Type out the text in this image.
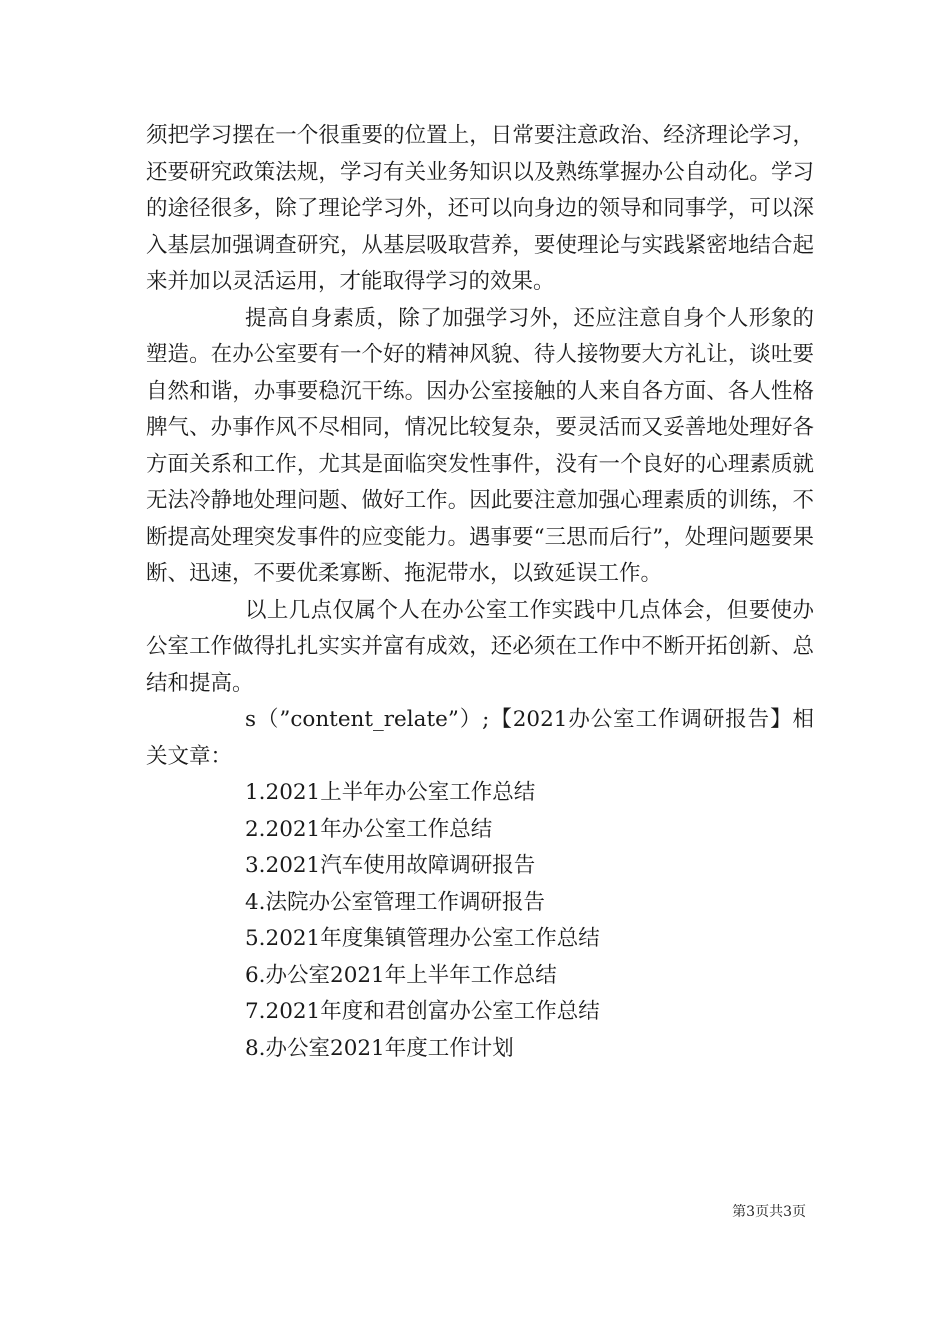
须把学习摆在一个很重要的位置上，日常要注意政治、经济理论学习，还要研究政策法规，学习有关业务知识以及熟练掌握办公自动化。学习的途径很多，除了理论学习外，还可以向身边的领导和同事学，可以深入基层加强调查研究，从基层吸取营养，要使理论与实践紧密地结合起来并加以灵活运用，才能取得学习的效果。

提高自身素质，除了加强学习外，还应注意自身个人形象的塑造。在办公室要有一个好的精神风貌、待人接物要大方礼让，谈吐要自然和谐，办事要稳沉干练。因办公室接触的人来自各方面、各人性格脾气、办事作风不尽相同，情况比较复杂，要灵活而又妥善地处理好各方面关系和工作，尤其是面临突发性事件，没有一个良好的心理素质就无法冷静地处理问题、做好工作。因此要注意加强心理素质的训练，不断提高处理突发事件的应变能力。遇事要“三思而后行”，处理问题要果断、迅速，不要优柔寡断、拖泥带水，以致延误工作。

以上几点仅属个人在办公室工作实践中几点体会，但要使办公室工作做得扎扎实实并富有成效，还必须在工作中不断开拓创新、总结和提高。

s（”content_relate”）;【2021办公室工作调研报告】相关文章：

1.2021上半年办公室工作总结
2.2021年办公室工作总结
3.2021汽车使用故障调研报告
4.法院办公室管理工作调研报告
5.2021年度集镇管理办公室工作总结
6.办公室2021年上半年工作总结
7.2021年度和君创富办公室工作总结
8.办公室2021年度工作计划
第3页共3页
